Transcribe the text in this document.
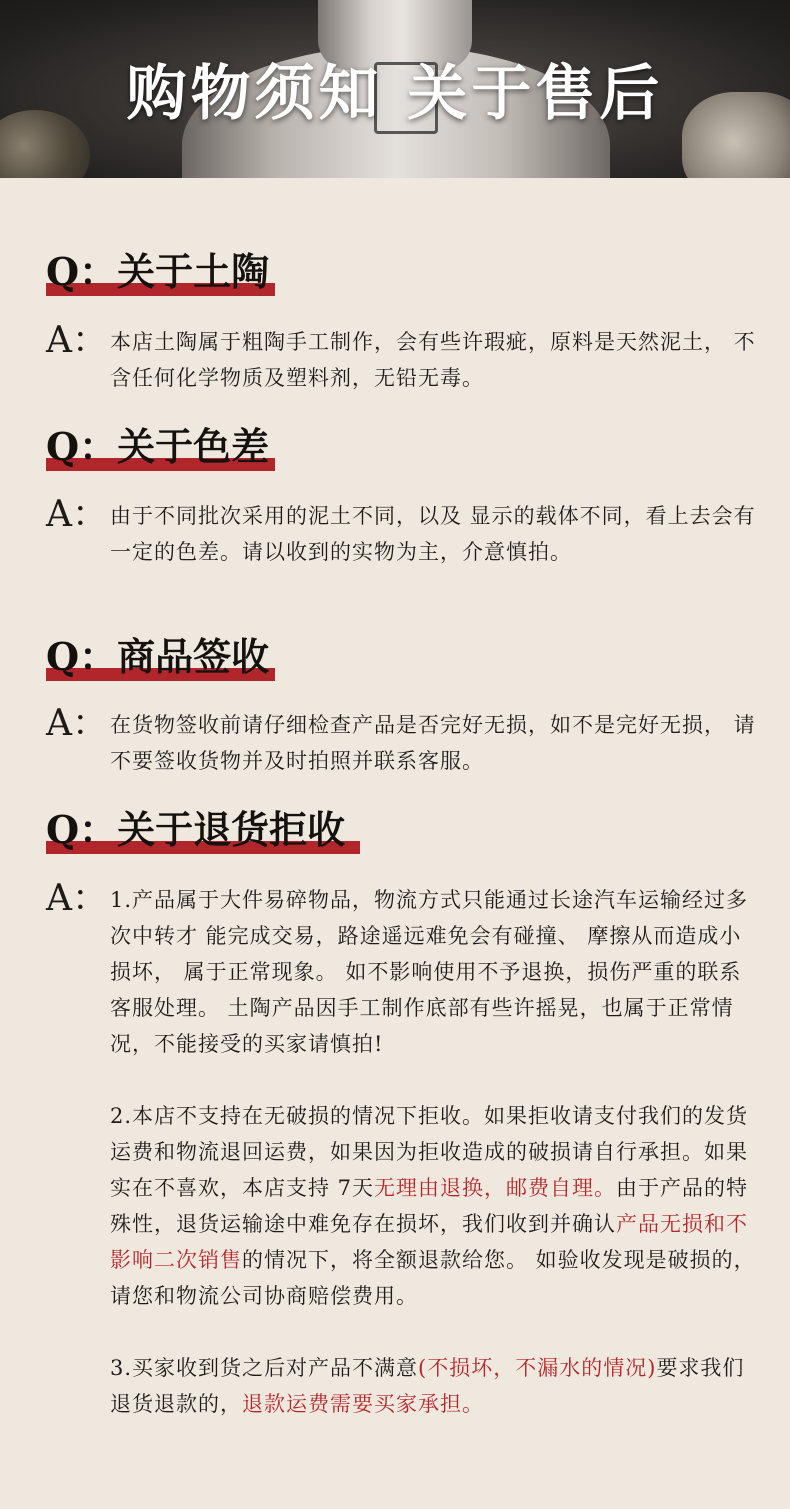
购物须知 关于售后
Q：关于土陶
A： 本店土陶属于粗陶手工制作，会有些许瑕疵，原料是天然泥土， 不含任何化学物质及塑料剂，无铅无毒。

Q：关于色差
A： 由于不同批次采用的泥土不同，以及 显示的载体不同，看上去会有一定的色差。请以收到的实物为主，介意慎拍。

Q：商品签收
A： 在货物签收前请仔细检查产品是否完好无损，如不是完好无损， 请不要签收货物并及时拍照并联系客服。

Q：关于退货拒收
A： 1.产品属于大件易碎物品，物流方式只能通过长途汽车运输经过多次中转才 能完成交易，路途遥远难免会有碰撞、 摩擦从而造成小损坏， 属于正常现象。 如不影响使用不予退换，损伤严重的联系客服处理。 土陶产品因手工制作底部有些许摇晃，也属于正常情况，不能接受的买家请慎拍!

2.本店不支持在无破损的情况下拒收。如果拒收请支付我们的发货运费和物流退回运费，如果因为拒收造成的破损请自行承担。如果实在不喜欢，本店支持 7天无理由退换，邮费自理。由于产品的特殊性，退货运输途中难免存在损坏，我们收到并确认产品无损和不影响二次销售的情况下，将全额退款给您。 如验收发现是破损的，请您和物流公司协商赔偿费用。

3.买家收到货之后对产品不满意(不损坏，不漏水的情况)要求我们退货退款的，退款运费需要买家承担。
